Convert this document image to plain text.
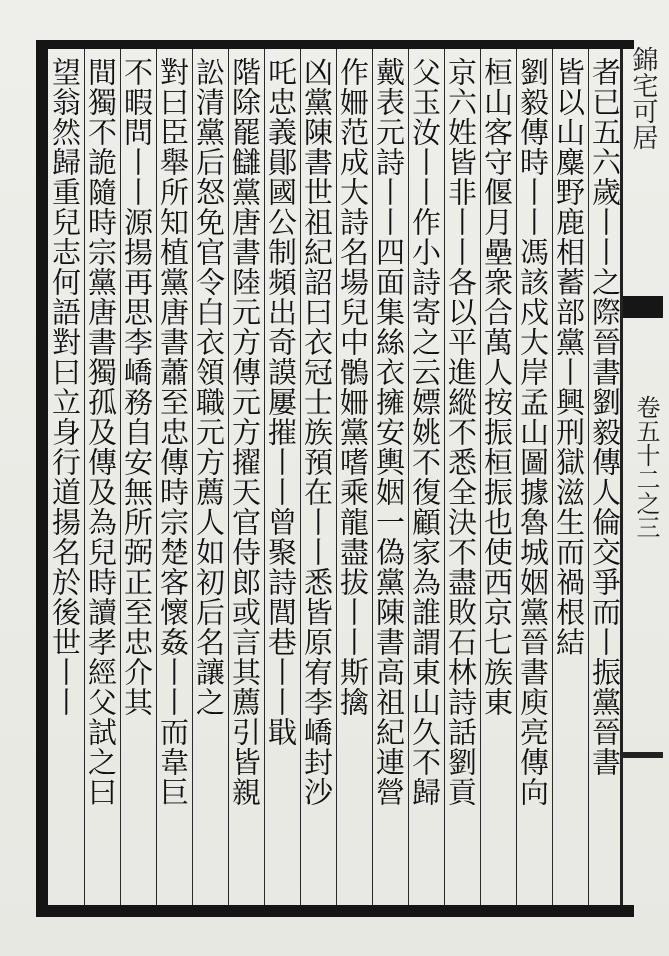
者已五六歲丨丨之際晉書劉毅傳人倫交爭而丨振黨晉書
皆以山麋野鹿相蓄部黨丨興刑獄滋生而禍根結
劉毅傳時丨丨馮該戍大岸孟山圖據魯城姻黨晉書庾亮傳向
桓山客守偃月壘衆合萬人按振桓振也使西京七族東
京六姓皆非丨丨各以平進縱不悉全決不盡敗石林詩話劉貢
父玉汝丨丨作小詩寄之云嫖姚不復顧家為誰謂東山久不歸
戴表元詩丨丨四面集絲衣擁安輿姻一偽黨陳書高祖紀連營
作姍范成大詩名場兒中鶻姍黨嗜乘龍盡拔丨丨斯擒
凶黨陳書世祖紀詔曰衣冠士族預在丨丨悉皆原宥李嶠封沙
吒忠義鄖國公制頻出奇謨屢摧丨丨曾聚詩閭巷丨丨戢
階除罷讎黨唐書陸元方傳元方擢天官侍郎或言其薦引皆親
訟清黨后怒免官令白衣領職元方薦人如初后名讓之
對曰臣舉所知植黨唐書蕭至忠傳時宗楚客懷姦丨丨而韋巨
不暇問丨丨源揚再思李嶠務自安無所弼正至忠介其
間獨不詭隨時宗黨唐書獨孤及傳及為兒時讀孝經父試之曰
望翁然歸重兒志何語對曰立身行道揚名於後世丨丨	錦宅可居
卷五十二之三
